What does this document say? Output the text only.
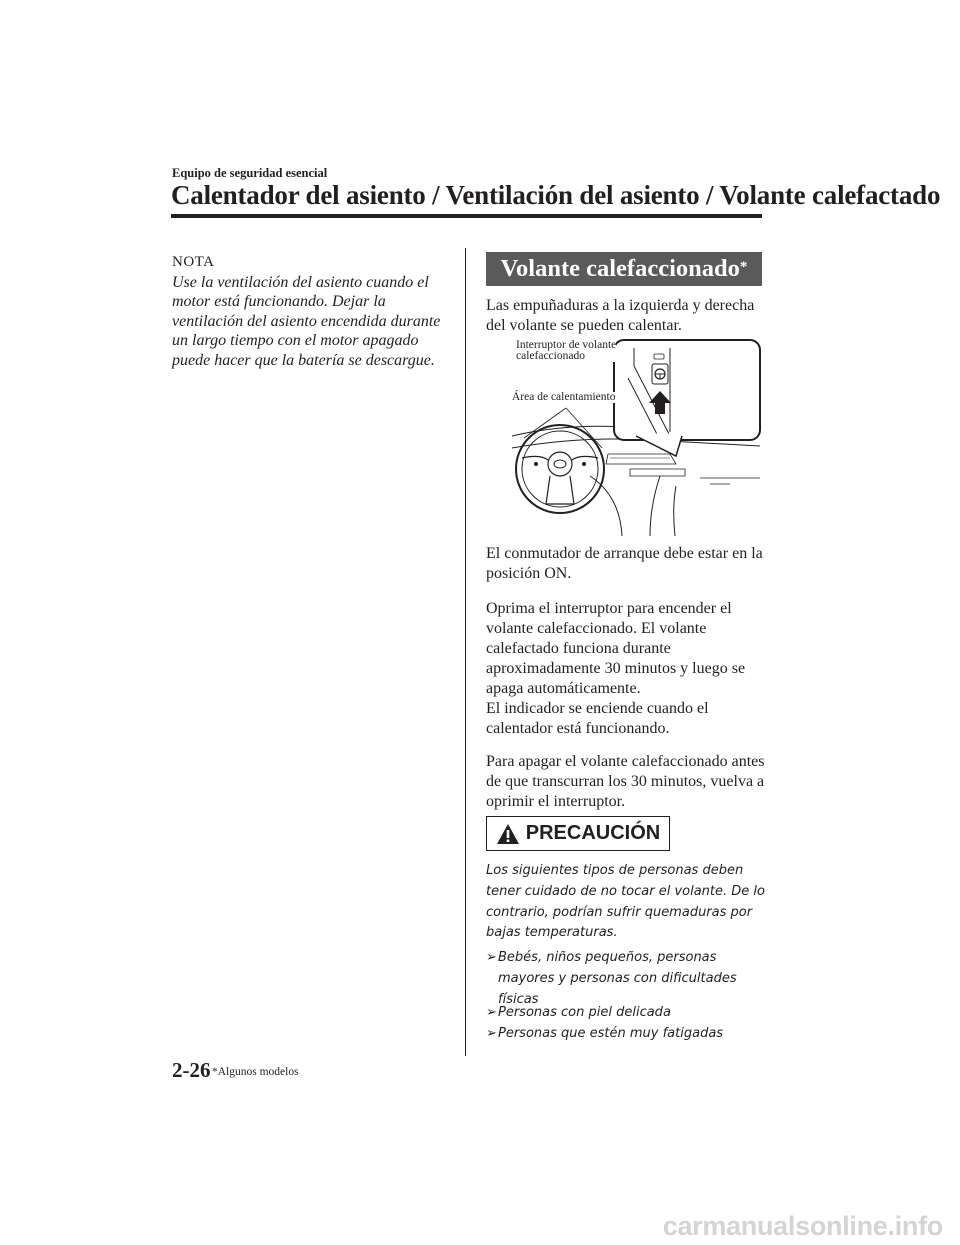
Equipo de seguridad esencial
Calentador del asiento / Ventilación del asiento / Volante calefactado
NOTA
Use la ventilación del asiento cuando el motor está funcionando. Dejar la ventilación del asiento encendida durante un largo tiempo con el motor apagado puede hacer que la batería se descargue.
Volante calefaccionado*

Las empuñaduras a la izquierda y derecha del volante se pueden calentar.

Interruptor de volante
calefaccionado
Área de calentamiento

El conmutador de arranque debe estar en la posición ON.

Oprima el interruptor para encender el volante calefaccionado. El volante calefactado funciona durante aproximadamente 30 minutos y luego se apaga automáticamente.

El indicador se enciende cuando el calentador está funcionando.

Para apagar el volante calefaccionado antes de que transcurran los 30 minutos, vuelva a oprimir el interruptor.

PRECAUCIÓN
Los siguientes tipos de personas deben tener cuidado de no tocar el volante. De lo contrario, podrían sufrir quemaduras por bajas temperaturas.
➢ Bebés, niños pequeños, personas mayores y personas con dificultades físicas
➢ Personas con piel delicada
➢ Personas que estén muy fatigadas
2-26 *Algunos modelos
carmanualsonline.info
